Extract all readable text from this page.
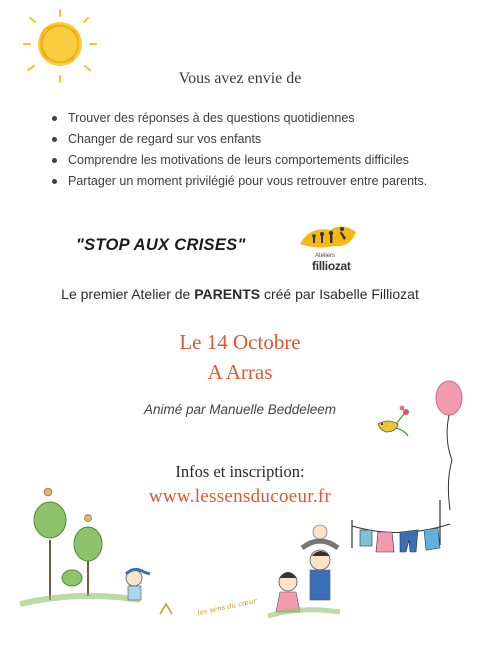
Vous avez envie de
Trouver des réponses à des questions quotidiennes
Changer de regard sur vos enfants
Comprendre les motivations de leurs comportements difficiles
Partager un moment privilégié pour vous retrouver entre parents.
"STOP AUX CRISES"
Ateliers
filliozat
Le premier Atelier de PARENTS créé par Isabelle Filliozat
Le 14 Octobre
A Arras
Animé par Manuelle Beddeleem
Infos et inscription:
www.lessensducoeur.fr
les sens du cœur
